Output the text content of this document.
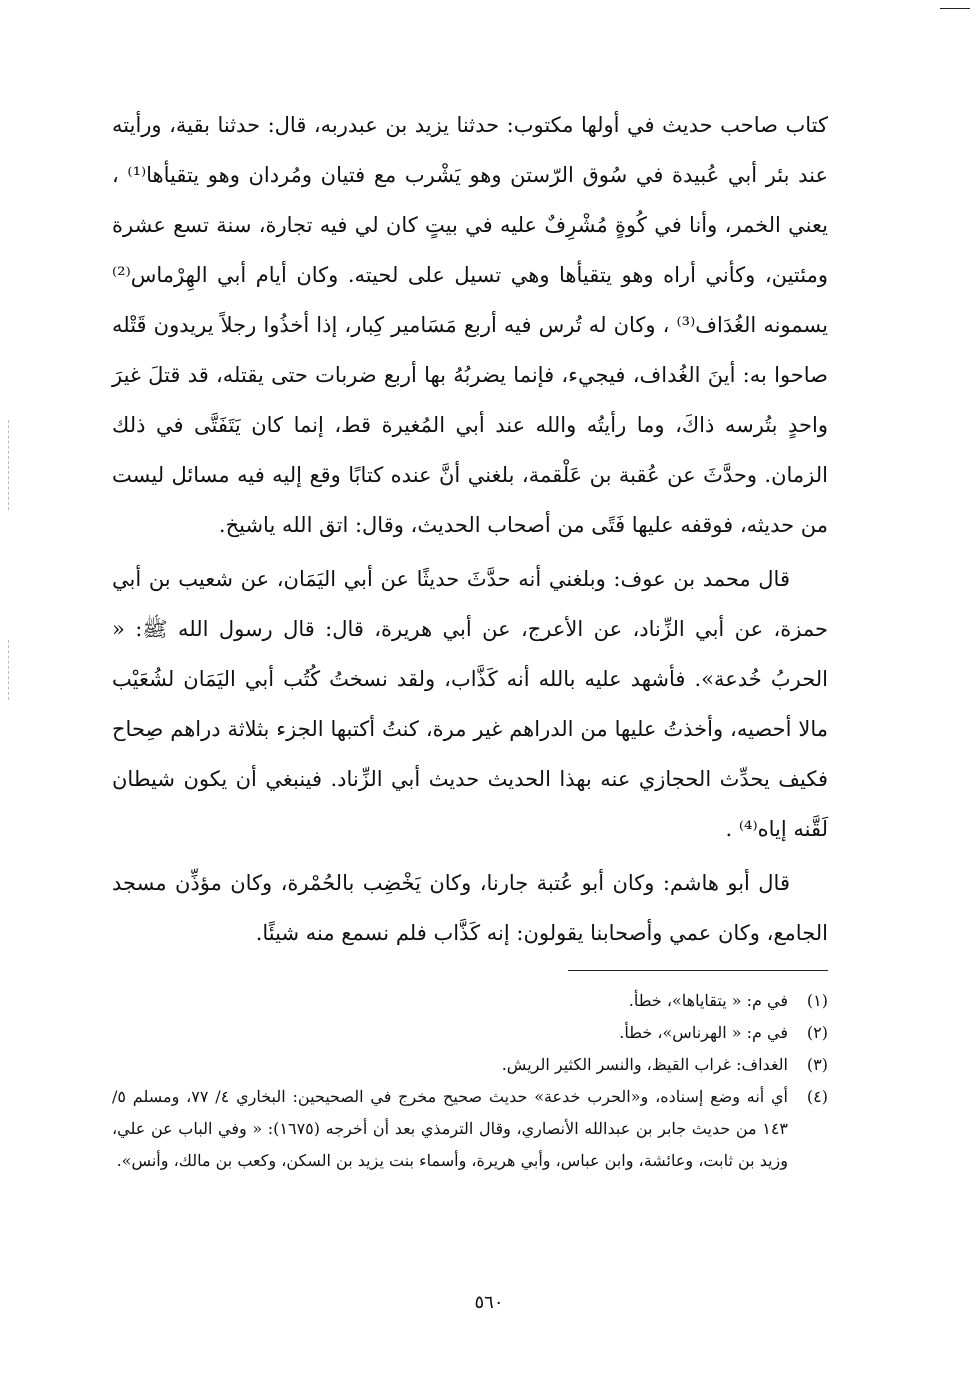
كتاب صاحب حديث في أولها مكتوب: حدثنا يزيد بن عبدربه، قال: حدثنا بقية، ورأيته عند بئر أبي عُبيدة في سُوق الرّستن وهو يَشْرب مع فتيان ومُردان وهو يتقيأها⁽¹⁾ ، يعني الخمر، وأنا في كُوةٍ مُشْرِفٌ عليه في بيتٍ كان لي فيه تجارة، سنة تسع عشرة ومئتين، وكأني أراه وهو يتقيأها وهي تسيل على لحيته. وكان أيام أبي الهِرْماس⁽²⁾ يسمونه الغُدَاف⁽³⁾ ، وكان له تُرس فيه أربع مَسَامير كِبار، إذا أخذُوا رجلاً يريدون قَتْله صاحوا به: أينَ الغُداف، فيجيء، فإنما يضربُهُ بها أربع ضربات حتى يقتله، قد قتلَ غيرَ واحدٍ بتُرسه ذاكَ، وما رأيتُه والله عند أبي المُغيرة قط، إنما كان يَتَفَتَّى في ذلك الزمان. وحدَّثَ عن عُقبة بن عَلْقمة، بلغني أنَّ عنده كتابًا وقع إليه فيه مسائل ليست من حديثه، فوقفه عليها فَتًى من أصحاب الحديث، وقال: اتق الله ياشيخ.

قال محمد بن عوف: وبلغني أنه حدَّثَ حديثًا عن أبي اليَمَان، عن شعيب بن أبي حمزة، عن أبي الزِّناد، عن الأعرج، عن أبي هريرة، قال: قال رسول الله ﷺ: « الحربُ خُدعة». فأشهد عليه بالله أنه كَذَّاب، ولقد نسختُ كُتُب أبي اليَمَان لشُعَيْب مالا أحصيه، وأخذتُ عليها من الدراهم غير مرة، كنتُ أكتبها الجزء بثلاثة دراهم صِحاح فكيف يحدِّث الحجازي عنه بهذا الحديث حديث أبي الزِّناد. فينبغي أن يكون شيطان لَقَّنه إياه⁽⁴⁾ .

قال أبو هاشم: وكان أبو عُتبة جارنا، وكان يَخْضِب بالحُمْرة، وكان مؤذِّن مسجد الجامع، وكان عمي وأصحابنا يقولون: إنه كَذَّاب فلم نسمع منه شيئًا.

(١)
في م: « يتقاياها»، خطأ.
(٢)
في م: « الهرناس»، خطأ.
(٣)
الغداف: غراب القيظ، والنسر الكثير الريش.
(٤)
أي أنه وضع إسناده، و«الحرب خدعة» حديث صحيح مخرج في الصحيحين: البخاري ٤/ ٧٧، ومسلم ٥/ ١٤٣ من حديث جابر بن عبدالله الأنصاري، وقال الترمذي بعد أن أخرجه (١٦٧٥): « وفي الباب عن علي، وزيد بن ثابت، وعائشة، وابن عباس، وأبي هريرة، وأسماء بنت يزيد بن السكن، وكعب بن مالك، وأنس».
٥٦٠
